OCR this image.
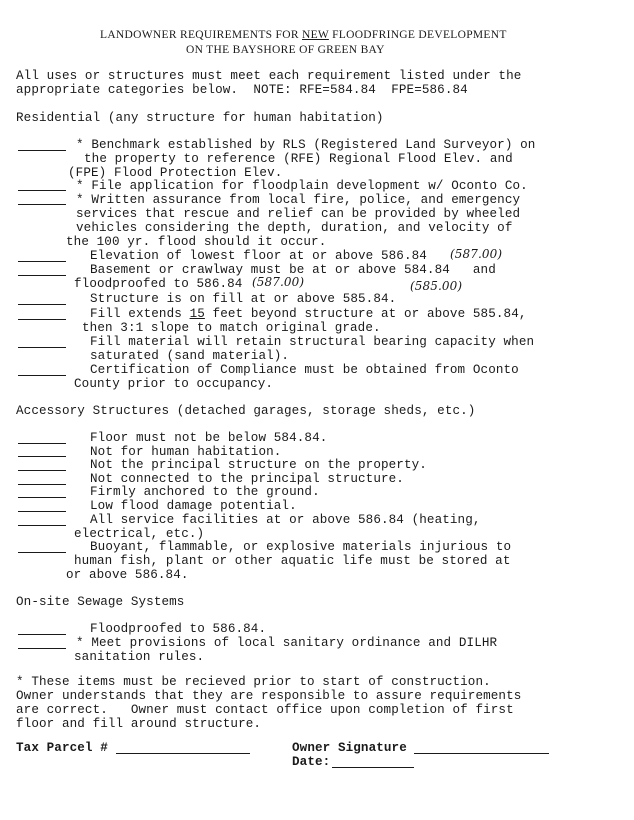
LANDOWNER REQUIREMENTS FOR NEW FLOODFRINGE DEVELOPMENT
ON THE BAYSHORE OF GREEN BAY
All uses or structures must meet each requirement listed under the
appropriate categories below.  NOTE: RFE=584.84  FPE=586.84
Residential (any structure for human habitation)
* Benchmark established by RLS (Registered Land Surveyor) on
the property to reference (RFE) Regional Flood Elev. and
(FPE) Flood Protection Elev.
* File application for floodplain development w/ Oconto Co.
* Written assurance from local fire, police, and emergency
services that rescue and relief can be provided by wheeled
vehicles considering the depth, duration, and velocity of
the 100 yr. flood should it occur.
Elevation of lowest floor at or above 586.84 (587.00)
Basement or crawlway must be at or above 584.84   and
floodproofed to 586.84 (587.00)	(585.00)
Structure is on fill at or above 585.84.
Fill extends 15 feet beyond structure at or above 585.84,
then 3:1 slope to match original grade.
Fill material will retain structural bearing capacity when
saturated (sand material).
Certification of Compliance must be obtained from Oconto
County prior to occupancy.
Accessory Structures (detached garages, storage sheds, etc.)
Floor must not be below 584.84.
Not for human habitation.
Not the principal structure on the property.
Not connected to the principal structure.
Firmly anchored to the ground.
Low flood damage potential.
All service facilities at or above 586.84 (heating,
electrical, etc.)
Buoyant, flammable, or explosive materials injurious to
human fish, plant or other aquatic life must be stored at
or above 586.84.
On-site Sewage Systems
Floodproofed to 586.84.
* Meet provisions of local sanitary ordinance and DILHR
sanitation rules.
* These items must be recieved prior to start of construction.
Owner understands that they are responsible to assure requirements
are correct.   Owner must contact office upon completion of first
floor and fill around structure.
Tax Parcel #	Owner Signature
Date:
